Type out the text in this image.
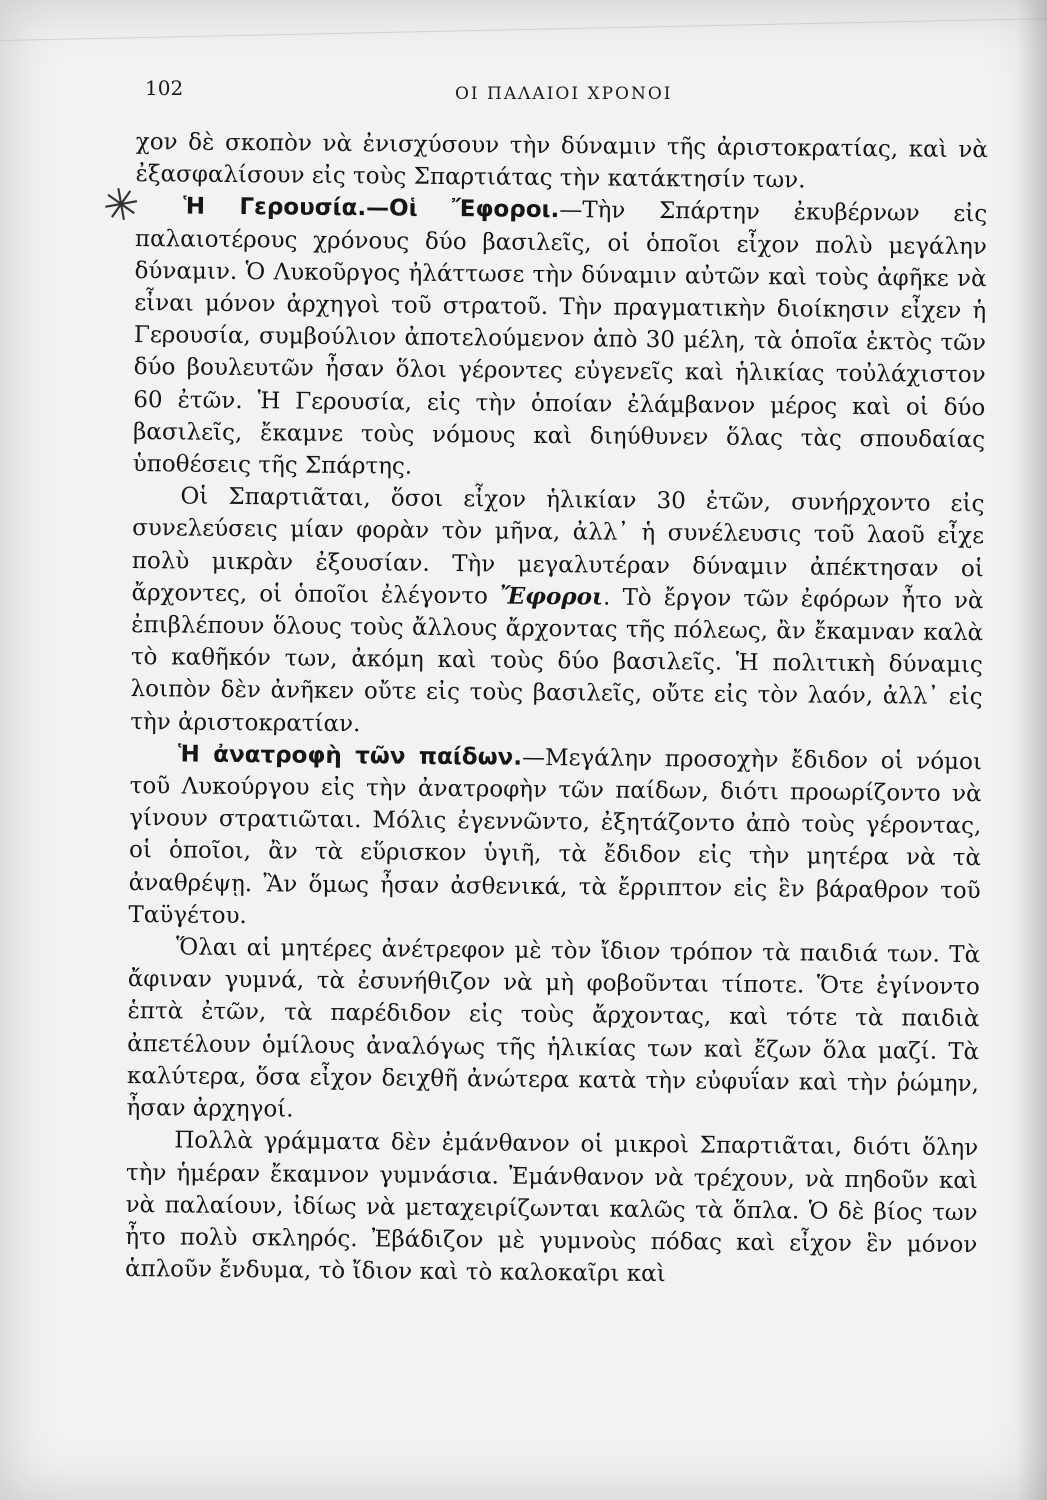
102	ΟΙ ΠΑΛΑΙΟΙ ΧΡΟΝΟΙ
✳

χον δὲ σκοπὸν νὰ ἐνισχύσουν τὴν δύναμιν τῆς ἀριστοκρατίας, καὶ νὰ ἐξασφαλίσουν εἰς τοὺς Σπαρτιάτας τὴν κατάκτησίν των.

Ἡ Γερουσία.—Οἱ Ἔφοροι.—Τὴν Σπάρτην ἐκυβέρνων εἰς παλαιοτέρους χρόνους δύο βασιλεῖς, οἱ ὁποῖοι εἶχον πολὺ μεγάλην δύναμιν. Ὁ Λυκοῦργος ἠλάττωσε τὴν δύναμιν αὐτῶν καὶ τοὺς ἀφῆκε νὰ εἶναι μόνον ἀρχηγοὶ τοῦ στρατοῦ. Τὴν πραγματικὴν διοίκησιν εἶχεν ἡ Γερουσία, συμβούλιον ἀποτελούμενον ἀπὸ 30 μέλη, τὰ ὁποῖα ἐκτὸς τῶν δύο βουλευτῶν ἦσαν ὅλοι γέροντες εὐγενεῖς καὶ ἡλικίας τοὐλάχιστον 60 ἐτῶν. Ἡ Γερουσία, εἰς τὴν ὁποίαν ἐλάμβανον μέρος καὶ οἱ δύο βασιλεῖς, ἔκαμνε τοὺς νόμους καὶ διηύθυνεν ὅλας τὰς σπουδαίας ὑποθέσεις τῆς Σπάρτης.

Οἱ Σπαρτιᾶται, ὅσοι εἶχον ἡλικίαν 30 ἐτῶν, συνήρχοντο εἰς συνελεύσεις μίαν φορὰν τὸν μῆνα, ἀλλ᾿ ἡ συνέλευσις τοῦ λαοῦ εἶχε πολὺ μικρὰν ἐξουσίαν. Τὴν μεγαλυτέραν δύναμιν ἀπέκτησαν οἱ ἄρχοντες, οἱ ὁποῖοι ἐλέγοντο Ἔφοροι. Τὸ ἔργον τῶν ἐφόρων ἦτο νὰ ἐπιβλέπουν ὅλους τοὺς ἄλλους ἄρχοντας τῆς πόλεως, ἂν ἔκαμναν καλὰ τὸ καθῆκόν των, ἀκόμη καὶ τοὺς δύο βασιλεῖς. Ἡ πολιτικὴ δύναμις λοιπὸν δὲν ἀνῆκεν οὔτε εἰς τοὺς βασιλεῖς, οὔτε εἰς τὸν λαόν, ἀλλ᾿ εἰς τὴν ἀριστοκρατίαν.

Ἡ ἀνατροφὴ τῶν παίδων.—Μεγάλην προσοχὴν ἔδιδον οἱ νόμοι τοῦ Λυκούργου εἰς τὴν ἀνατροφὴν τῶν παίδων, διότι προωρίζοντο νὰ γίνουν στρατιῶται. Μόλις ἐγεννῶντο, ἐξητάζοντο ἀπὸ τοὺς γέροντας, οἱ ὁποῖοι, ἂν τὰ εὕρισκον ὑγιῆ, τὰ ἔδιδον εἰς τὴν μητέρα νὰ τὰ ἀναθρέψῃ. Ἂν ὅμως ἦσαν ἀσθενικά, τὰ ἔρριπτον εἰς ἓν βάραθρον τοῦ Ταϋγέτου.

Ὅλαι αἱ μητέρες ἀνέτρεφον μὲ τὸν ἴδιον τρόπον τὰ παιδιά των. Τὰ ἄφιναν γυμνά, τὰ ἐσυνήθιζον νὰ μὴ φοβοῦνται τίποτε. Ὅτε ἐγίνοντο ἑπτὰ ἐτῶν, τὰ παρέδιδον εἰς τοὺς ἄρχοντας, καὶ τότε τὰ παιδιὰ ἀπετέλουν ὁμίλους ἀναλόγως τῆς ἡλικίας των καὶ ἔζων ὅλα μαζί. Τὰ καλύτερα, ὅσα εἶχον δειχθῆ ἀνώτερα κατὰ τὴν εὐφυΐαν καὶ τὴν ῥώμην, ἦσαν ἀρχηγοί.

Πολλὰ γράμματα δὲν ἐμάνθανον οἱ μικροὶ Σπαρτιᾶται, διότι ὅλην τὴν ἡμέραν ἔκαμνον γυμνάσια. Ἐμάνθανον νὰ τρέχουν, νὰ πηδοῦν καὶ νὰ παλαίουν, ἰδίως νὰ μεταχειρίζωνται καλῶς τὰ ὅπλα. Ὁ δὲ βίος των ἦτο πολὺ σκληρός. Ἐβάδιζον μὲ γυμνοὺς πόδας καὶ εἶχον ἓν μόνον ἁπλοῦν ἔνδυμα, τὸ ἴδιον καὶ τὸ καλοκαῖρι καὶ
